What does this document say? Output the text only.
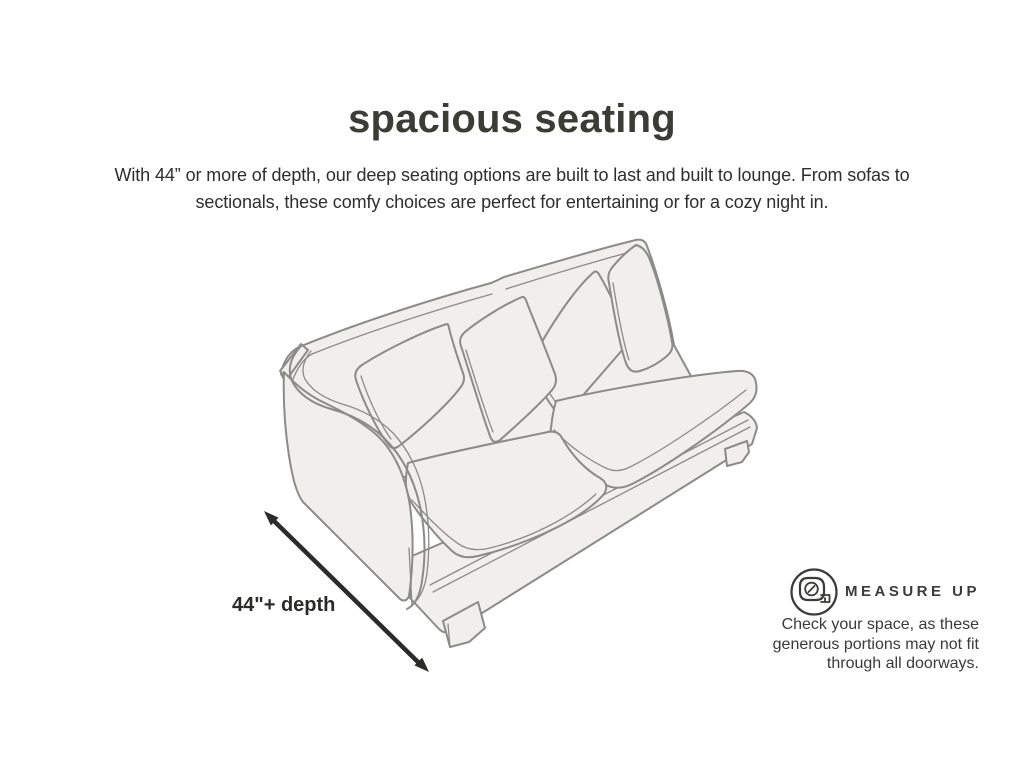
spacious seating
With 44” or more of depth, our deep seating options are built to last and built to lounge. From sofas to sectionals, these comfy choices are perfect for entertaining or for a cozy night in.
44"+ depth
MEASURE UP
Check your space, as these generous portions may not fit through all doorways.
